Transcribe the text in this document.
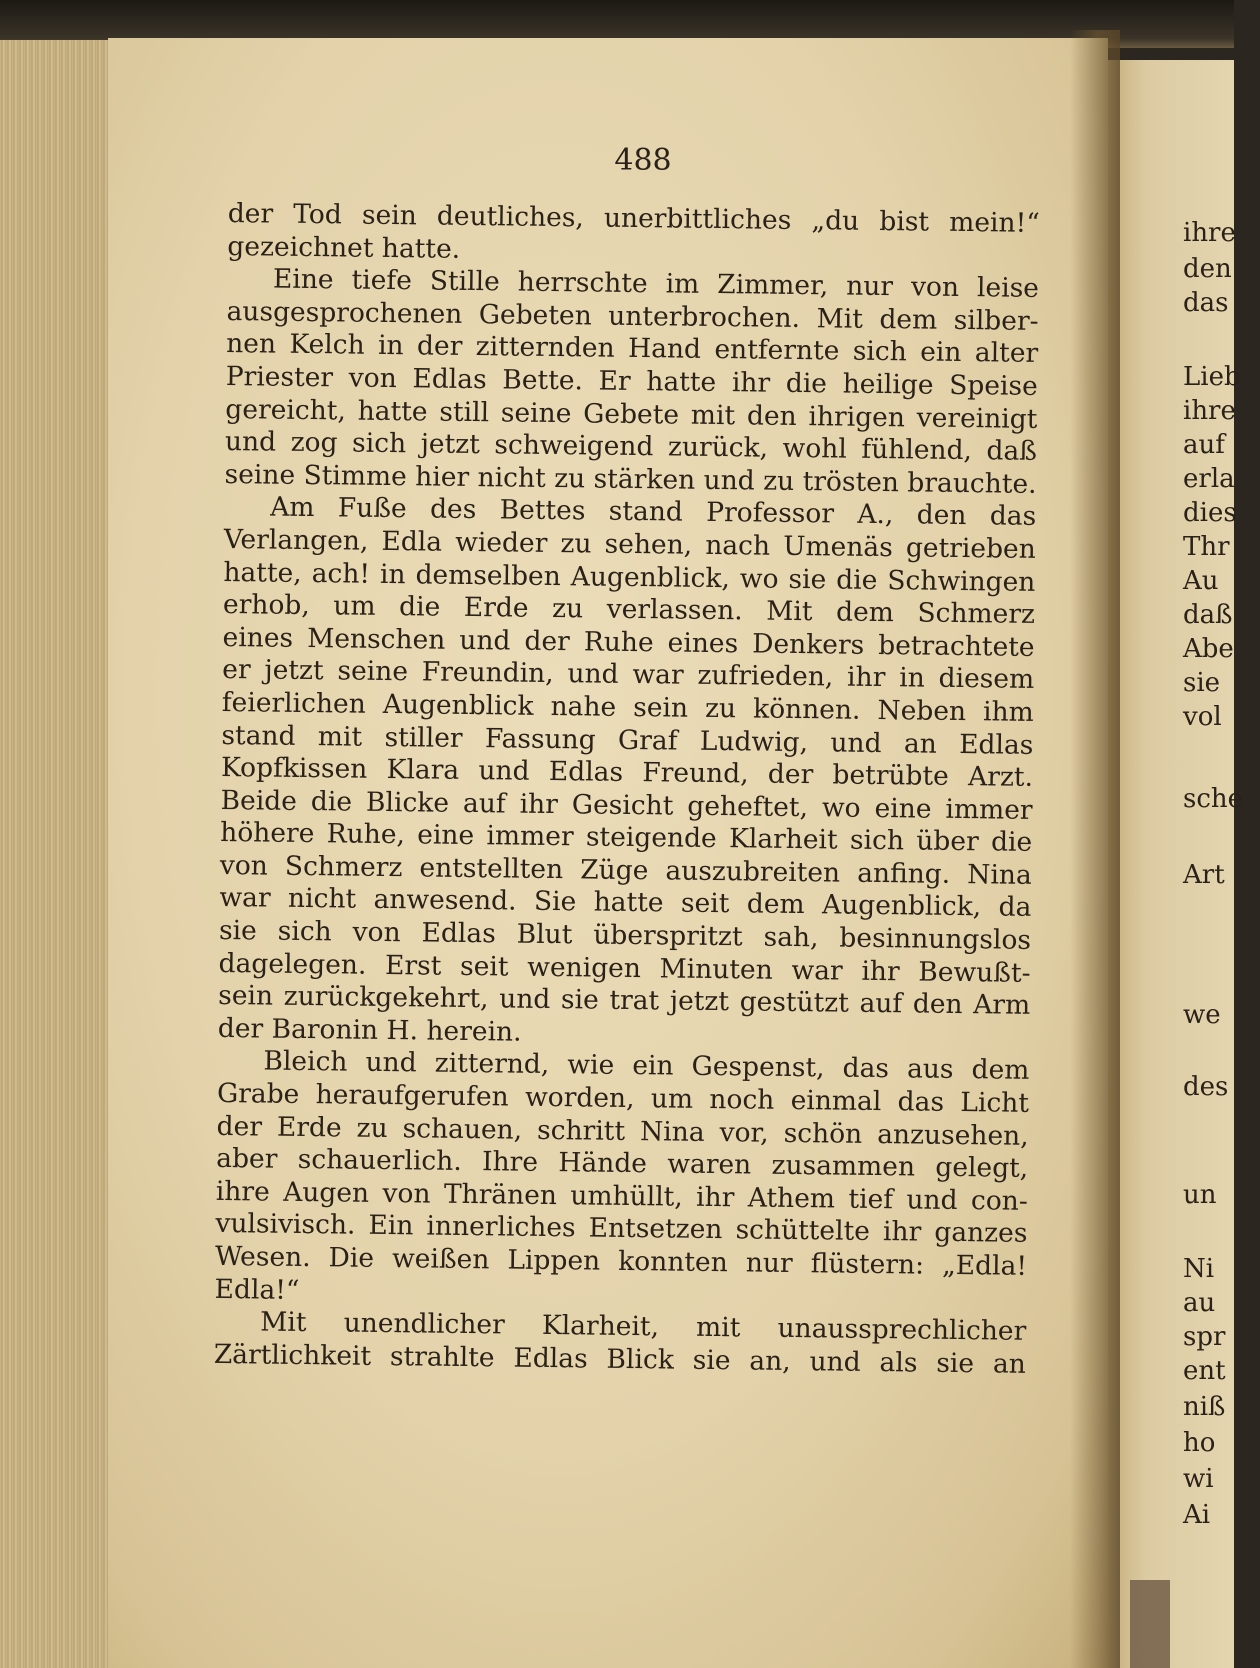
488
der Tod sein deutliches, unerbittliches „du bist mein!“
gezeichnet hatte.
Eine tiefe Stille herrschte im Zimmer, nur von leise
ausgesprochenen Gebeten unterbrochen. Mit dem silber-
nen Kelch in der zitternden Hand entfernte sich ein alter
Priester von Edlas Bette. Er hatte ihr die heilige Speise
gereicht, hatte still seine Gebete mit den ihrigen vereinigt
und zog sich jetzt schweigend zurück, wohl fühlend, daß
seine Stimme hier nicht zu stärken und zu trösten brauchte.
Am Fuße des Bettes stand Professor A., den das
Verlangen, Edla wieder zu sehen, nach Umenäs getrieben
hatte, ach! in demselben Augenblick, wo sie die Schwingen
erhob, um die Erde zu verlassen. Mit dem Schmerz
eines Menschen und der Ruhe eines Denkers betrachtete
er jetzt seine Freundin, und war zufrieden, ihr in diesem
feierlichen Augenblick nahe sein zu können. Neben ihm
stand mit stiller Fassung Graf Ludwig, und an Edlas
Kopfkissen Klara und Edlas Freund, der betrübte Arzt.
Beide die Blicke auf ihr Gesicht geheftet, wo eine immer
höhere Ruhe, eine immer steigende Klarheit sich über die
von Schmerz entstellten Züge auszubreiten anfing. Nina
war nicht anwesend. Sie hatte seit dem Augenblick, da
sie sich von Edlas Blut überspritzt sah, besinnungslos
dagelegen. Erst seit wenigen Minuten war ihr Bewußt-
sein zurückgekehrt, und sie trat jetzt gestützt auf den Arm
der Baronin H. herein.
Bleich und zitternd, wie ein Gespenst, das aus dem
Grabe heraufgerufen worden, um noch einmal das Licht
der Erde zu schauen, schritt Nina vor, schön anzusehen,
aber schauerlich. Ihre Hände waren zusammen gelegt,
ihre Augen von Thränen umhüllt, ihr Athem tief und con-
vulsivisch. Ein innerliches Entsetzen schüttelte ihr ganzes
Wesen. Die weißen Lippen konnten nur flüstern: „Edla!
Edla!“
Mit unendlicher Klarheit, mit unaussprechlicher
Zärtlichkeit strahlte Edlas Blick sie an, und als sie an
ihre
den
das
Lieb
ihre
auf
erla
dies
Thr
Au
daß
Abe
sie
vol
sche
Art
we
des
un
Ni
au
spr
ent
niß
ho
wi
Ai
